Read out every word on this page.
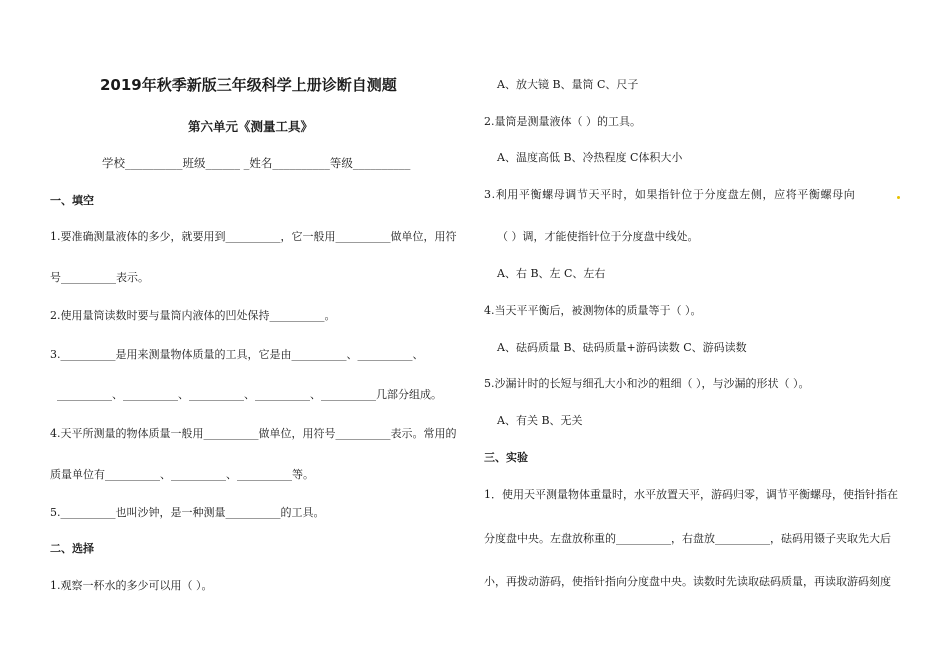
2019年秋季新版三年级科学上册诊断自测题
第六单元《测量工具》
学校__________班级______ _姓名__________等级__________
一、填空
1.要准确测量液体的多少，就要用到__________，它一般用__________做单位，用符
号__________表示。
2.使用量筒读数时要与量筒内液体的凹处保持__________。
3.__________是用来测量物体质量的工具，它是由__________、__________、
__________、__________、__________、__________、__________几部分组成。
4.天平所测量的物体质量一般用__________做单位，用符号__________表示。常用的
质量单位有__________、__________、__________等。
5.__________也叫沙钟，是一种测量__________的工具。
二、选择
1.观察一杯水的多少可以用（ ）。
A、放大镜 B、量筒 C、尺子
2.量筒是测量液体（ ）的工具。
A、温度高低 B、冷热程度 C体积大小
3.利用平衡螺母调节天平时，如果指针位于分度盘左侧，应将平衡螺母向
（ ）调，才能使指针位于分度盘中线处。
A、右 B、左 C、左右
4.当天平平衡后，被测物体的质量等于（ ）。
A、砝码质量 B、砝码质量+游码读数 C、游码读数
5.沙漏计时的长短与细孔大小和沙的粗细（ ），与沙漏的形状（ ）。
A、有关 B、无关
三、实验
1．使用天平测量物体重量时，水平放置天平，游码归零，调节平衡螺母，使指针指在
分度盘中央。左盘放称重的__________，右盘放__________，砝码用镊子夹取先大后
小，再拨动游码，使指针指向分度盘中央。读数时先读取砝码质量，再读取游码刻度
